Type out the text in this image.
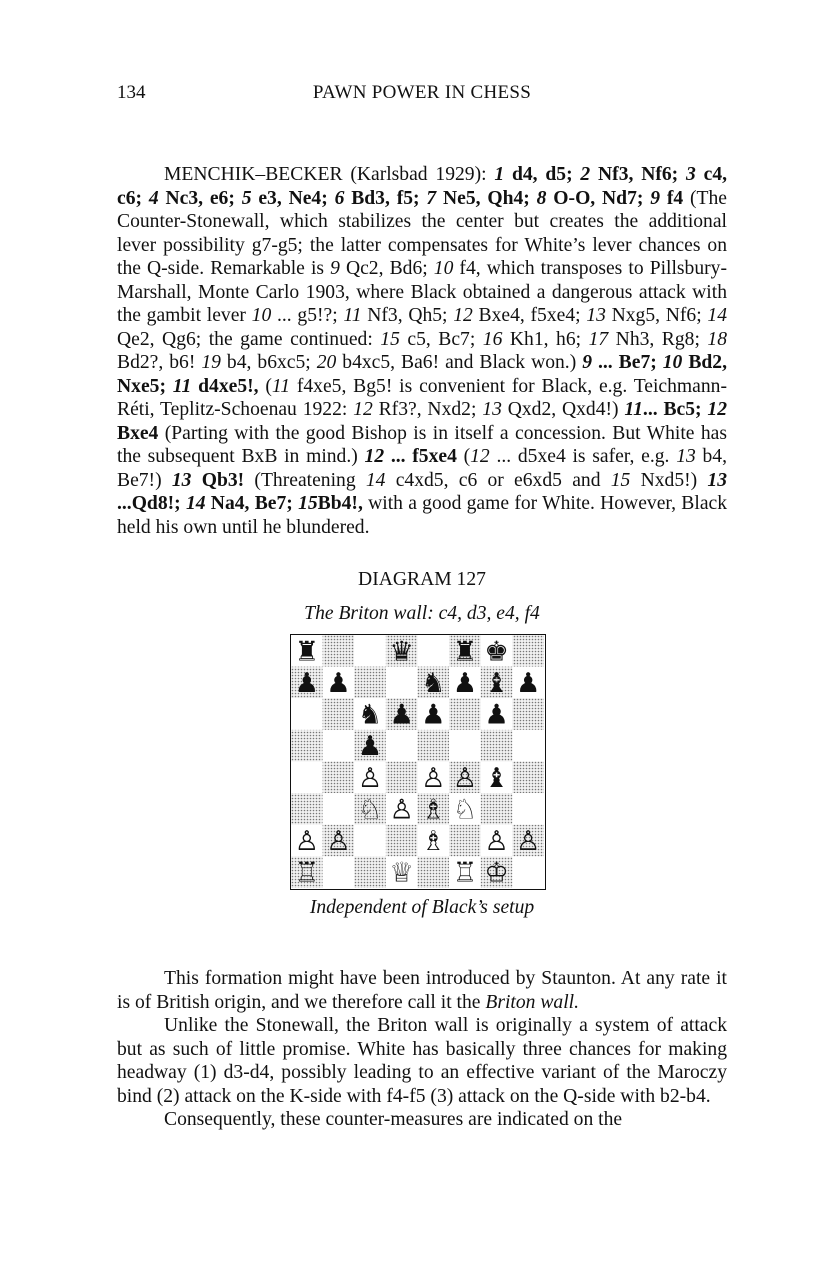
134	PAWN POWER IN CHESS

MENCHIK–BECKER (Karlsbad 1929): 1 d4, d5; 2 Nf3, Nf6; 3 c4, c6; 4 Nc3, e6; 5 e3, Ne4; 6 Bd3, f5; 7 Ne5, Qh4; 8 O-O, Nd7; 9 f4 (The Counter-Stonewall, which stabilizes the center but creates the additional lever possibility g7-g5; the latter compensates for White’s lever chances on the Q-side. Remarkable is 9 Qc2, Bd6; 10 f4, which transposes to Pillsbury-Marshall, Monte Carlo 1903, where Black obtained a dangerous attack with the gambit lever 10 ... g5!?; 11 Nf3, Qh5; 12 Bxe4, f5xe4; 13 Nxg5, Nf6; 14 Qe2, Qg6; the game continued: 15 c5, Bc7; 16 Kh1, h6; 17 Nh3, Rg8; 18 Bd2?, b6! 19 b4, b6xc5; 20 b4xc5, Ba6! and Black won.) 9 ... Be7; 10 Bd2, Nxe5; 11 d4xe5!, (11 f4xe5, Bg5! is convenient for Black, e.g. Teichmann-Réti, Teplitz-Schoenau 1922: 12 Rf3?, Nxd2; 13 Qxd2, Qxd4!) 11... Bc5; 12 Bxe4 (Parting with the good Bishop is in itself a concession. But White has the subsequent BxB in mind.) 12 ... f5xe4 (12 ... d5xe4 is safer, e.g. 13 b4, Be7!) 13 Qb3! (Threatening 14 c4xd5, c6 or e6xd5 and 15 Nxd5!) 13 ...Qd8!; 14 Na4, Be7; 15Bb4!, with a good game for White. However, Black held his own until he blundered.

DIAGRAM 127
The Briton wall: c4, d3, e4, f4
♜	♛ ♜ ♚
♟ ♟	♞ ♟ ♝ ♟
♞ ♟ ♟ ♟
♟
♙ ♙ ♙ ♝
♘ ♙ ♗ ♘
♙ ♙	♗ ♙ ♙
♖	♕ ♖ ♔
Independent of Black’s setup

This formation might have been introduced by Staunton. At any rate it is of British origin, and we therefore call it the Briton wall.

Unlike the Stonewall, the Briton wall is originally a system of attack but as such of little promise. White has basically three chances for making headway (1) d3-d4, possibly leading to an effective variant of the Maroczy bind (2) attack on the K-side with f4-f5 (3) attack on the Q-side with b2-b4.

Consequently, these counter-measures are indicated on the
